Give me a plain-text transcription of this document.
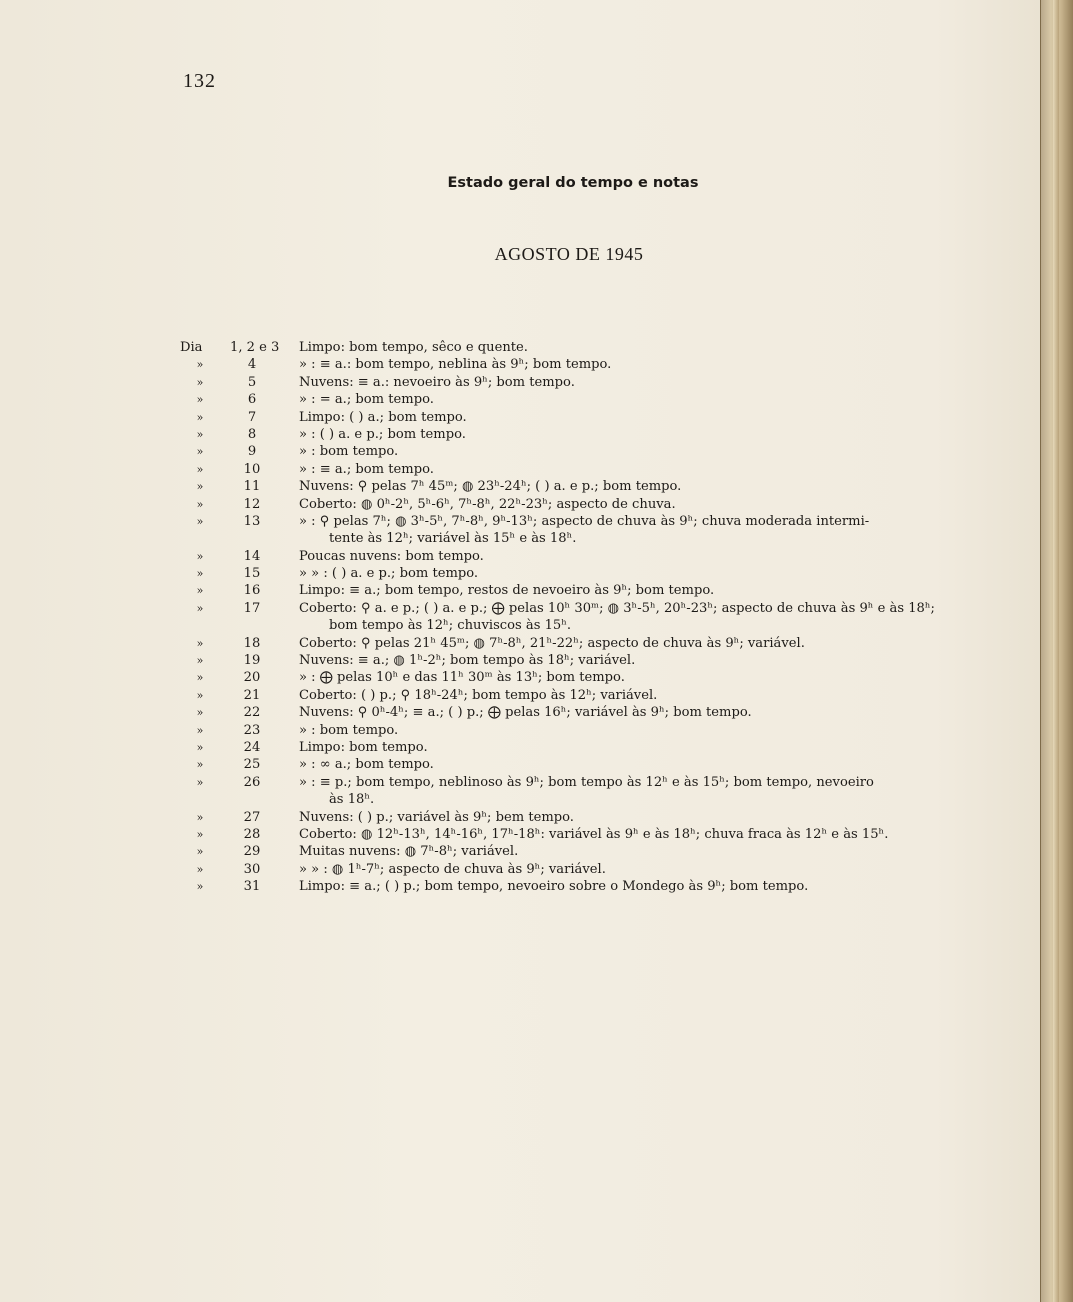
132
Estado geral do tempo e notas
AGOSTO DE 1945
Dia	1, 2 e 3	Limpo: bom tempo, sêco e quente.
»	4	» : ≡ a.: bom tempo, neblina às 9ʰ; bom tempo.
»	5	Nuvens: ≡ a.: nevoeiro às 9ʰ; bom tempo.
»	6	» : = a.; bom tempo.
»	7	Limpo: ( ) a.; bom tempo.
»	8	» : ( ) a. e p.; bom tempo.
»	9	» : bom tempo.
»	10	» : ≡ a.; bom tempo.
»	11	Nuvens: ⚲ pelas 7ʰ 45ᵐ; ◍ 23ʰ-24ʰ; ( ) a. e p.; bom tempo.
»	12	Coberto: ◍ 0ʰ-2ʰ, 5ʰ-6ʰ, 7ʰ-8ʰ, 22ʰ-23ʰ; aspecto de chuva.
»	13	» : ⚲ pelas 7ʰ; ◍ 3ʰ-5ʰ, 7ʰ-8ʰ, 9ʰ-13ʰ; aspecto de chuva às 9ʰ; chuva moderada intermi-
tente às 12ʰ; variável às 15ʰ e às 18ʰ.
»	14	Poucas nuvens: bom tempo.
»	15	» » : ( ) a. e p.; bom tempo.
»	16	Limpo: ≡ a.; bom tempo, restos de nevoeiro às 9ʰ; bom tempo.
»	17	Coberto: ⚲ a. e p.; ( ) a. e p.; ⨁ pelas 10ʰ 30ᵐ; ◍ 3ʰ-5ʰ, 20ʰ-23ʰ; aspecto de chuva às 9ʰ e às 18ʰ;
bom tempo às 12ʰ; chuviscos às 15ʰ.
»	18	Coberto: ⚲ pelas 21ʰ 45ᵐ; ◍ 7ʰ-8ʰ, 21ʰ-22ʰ; aspecto de chuva às 9ʰ; variável.
»	19	Nuvens: ≡ a.; ◍ 1ʰ-2ʰ; bom tempo às 18ʰ; variável.
»	20	» : ⨁ pelas 10ʰ e das 11ʰ 30ᵐ às 13ʰ; bom tempo.
»	21	Coberto: ( ) p.; ⚲ 18ʰ-24ʰ; bom tempo às 12ʰ; variável.
»	22	Nuvens: ⚲ 0ʰ-4ʰ; ≡ a.; ( ) p.; ⨁ pelas 16ʰ; variável às 9ʰ; bom tempo.
»	23	» : bom tempo.
»	24	Limpo: bom tempo.
»	25	» : ∞ a.; bom tempo.
»	26	» : ≡ p.; bom tempo, neblinoso às 9ʰ; bom tempo às 12ʰ e às 15ʰ; bom tempo, nevoeiro
às 18ʰ.
»	27	Nuvens: ( ) p.; variável às 9ʰ; bem tempo.
»	28	Coberto: ◍ 12ʰ-13ʰ, 14ʰ-16ʰ, 17ʰ-18ʰ: variável às 9ʰ e às 18ʰ; chuva fraca às 12ʰ e às 15ʰ.
»	29	Muitas nuvens: ◍ 7ʰ-8ʰ; variável.
»	30	» » : ◍ 1ʰ-7ʰ; aspecto de chuva às 9ʰ; variável.
»	31	Limpo: ≡ a.; ( ) p.; bom tempo, nevoeiro sobre o Mondego às 9ʰ; bom tempo.
